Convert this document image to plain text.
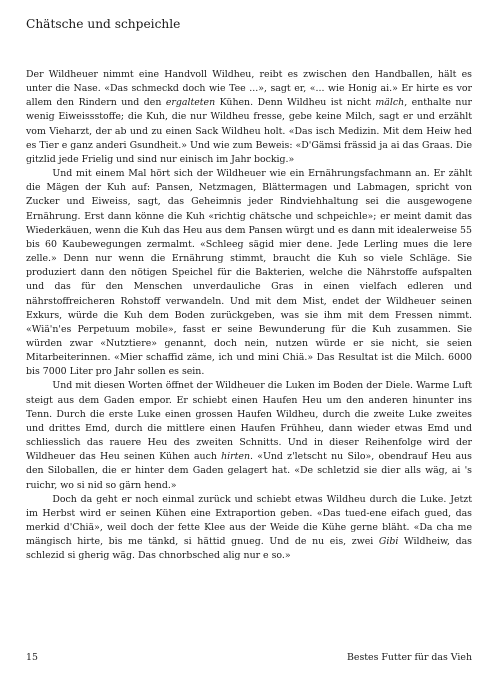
Chätsche und schpeichle

Der Wildheuer nimmt eine Handvoll Wildheu, reibt es zwischen den Handballen, hält es unter die Nase. «Das schmeckd doch wie Tee ...», sagt er, «... wie Honig ai.» Er hirte es vor allem den Rindern und den ergalteten Kühen. Denn Wildheu ist nicht mälch, enthalte nur wenig Eiweissstoffe; die Kuh, die nur Wildheu fresse, gebe keine Milch, sagt er und erzählt vom Vieharzt, der ab und zu einen Sack Wildheu holt. «Das isch Medizin. Mit dem Heiw hed es Tier e ganz anderi Gsundheit.» Und wie zum Beweis: «D'Gämsi frässid ja ai das Graas. Die gitzlid jede Frielig und sind nur einisch im Jahr bockig.»

Und mit einem Mal hört sich der Wildheuer wie ein Ernährungsfachmann an. Er zählt die Mägen der Kuh auf: Pansen, Netzmagen, Blättermagen und Labmagen, spricht von Zucker und Eiweiss, sagt, das Geheimnis jeder Rindviehhaltung sei die ausgewogene Ernährung. Erst dann könne die Kuh «richtig chätsche und schpeichle»; er meint damit das Wiederkäuen, wenn die Kuh das Heu aus dem Pansen würgt und es dann mit idealerweise 55 bis 60 Kaubewegungen zermalmt. «Schleeg sägid mier dene. Jede Lerling mues die lere zelle.» Denn nur wenn die Ernährung stimmt, braucht die Kuh so viele Schläge. Sie produziert dann den nötigen Speichel für die Bakterien, welche die Nährstoffe aufspalten und das für den Menschen unverdauliche Gras in einen vielfach edleren und nährstoffreicheren Rohstoff verwandeln. Und mit dem Mist, endet der Wildheuer seinen Exkurs, würde die Kuh dem Boden zurückgeben, was sie ihm mit dem Fressen nimmt. «Wiä'n'es Perpetuum mobile», fasst er seine Bewunderung für die Kuh zusammen. Sie würden zwar «Nutztiere» genannt, doch nein, nutzen würde er sie nicht, sie seien Mitarbeiterinnen. «Mier schaffid zäme, ich und mini Chiä.» Das Resultat ist die Milch. 6000 bis 7000 Liter pro Jahr sollen es sein.

Und mit diesen Worten öffnet der Wildheuer die Luken im Boden der Diele. Warme Luft steigt aus dem Gaden empor. Er schiebt einen Haufen Heu um den anderen hinunter ins Tenn. Durch die erste Luke einen grossen Haufen Wildheu, durch die zweite Luke zweites und drittes Emd, durch die mittlere einen Haufen Frühheu, dann wieder etwas Emd und schliesslich das rauere Heu des zweiten Schnitts. Und in dieser Reihenfolge wird der Wildheuer das Heu seinen Kühen auch hirten. «Und z'letscht nu Silo», obendrauf Heu aus den Siloballen, die er hinter dem Gaden gelagert hat. «De schletzid sie dier alls wäg, ai 's ruichr, wo si nid so gärn hend.»

Doch da geht er noch einmal zurück und schiebt etwas Wildheu durch die Luke. Jetzt im Herbst wird er seinen Kühen eine Extraportion geben. «Das tued-ene eifach gued, das merkid d'Chiä», weil doch der fette Klee aus der Weide die Kühe gerne bläht. «Da cha me mängisch hirte, bis me tänkd, si hättid gnueg. Und de nu eis, zwei Gibi Wildheiw, das schlezid si gherig wäg. Das chnorbsched alig nur e so.»

15	Bestes Futter für das Vieh
